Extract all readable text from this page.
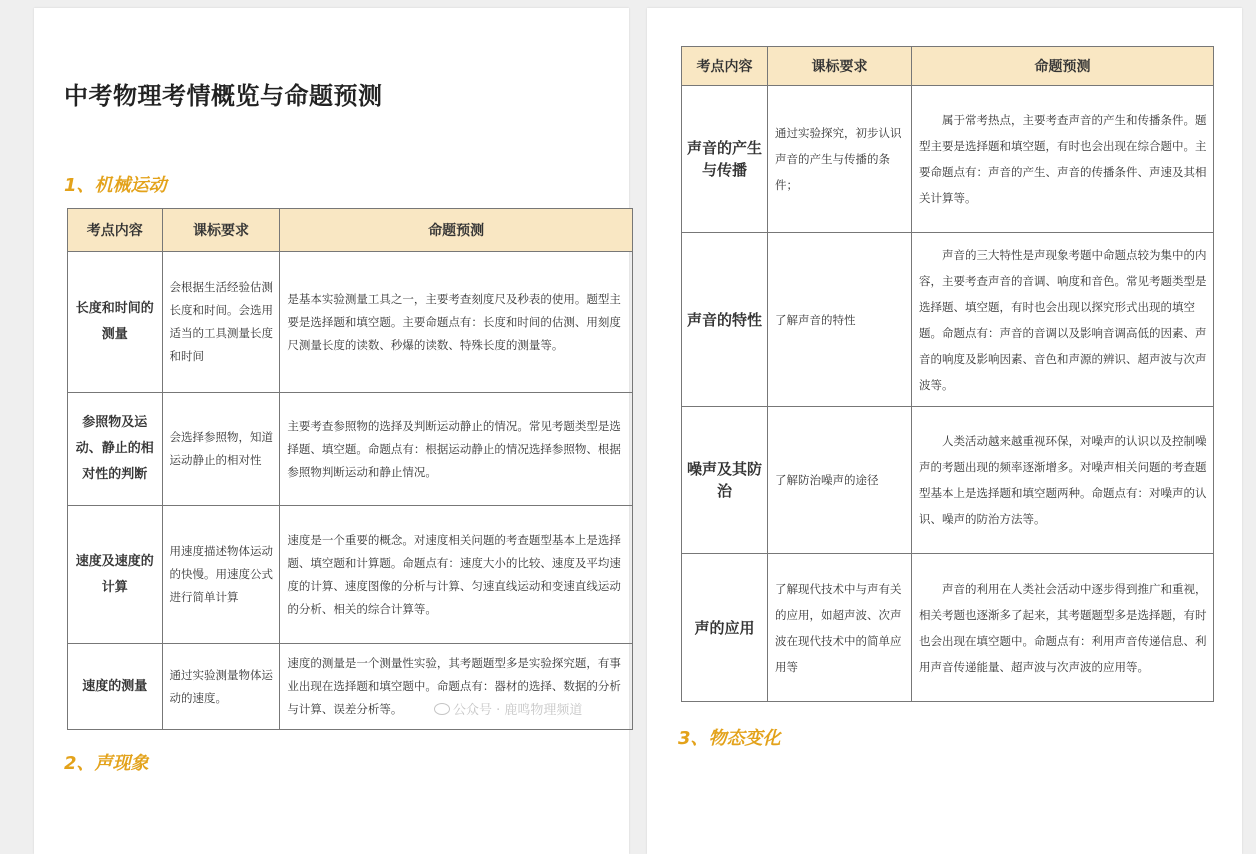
中考物理考情概览与命题预测
1、机械运动
考点内容	课标要求	命题预测
长度和时间的测量	会根据生活经验估测长度和时间。会选用适当的工具测量长度和时间	是基本实验测量工具之一，主要考查刻度尺及秒表的使用。题型主要是选择题和填空题。主要命题点有：长度和时间的估测、用刻度尺测量长度的读数、秒爆的读数、特殊长度的测量等。
参照物及运动、静止的相对性的判断	会选择参照物，知道运动静止的相对性	主要考查参照物的选择及判断运动静止的情况。常见考题类型是选择题、填空题。命题点有：根据运动静止的情况选择参照物、根据参照物判断运动和静止情况。
速度及速度的计算	用速度描述物体运动的快慢。用速度公式进行简单计算	速度是一个重要的概念。对速度相关问题的考查题型基本上是选择题、填空题和计算题。命题点有：速度大小的比较、速度及平均速度的计算、速度图像的分析与计算、匀速直线运动和变速直线运动的分析、相关的综合计算等。
速度的测量	通过实验测量物体运动的速度。	速度的测量是一个测量性实验，其考题题型多是实验探究题，有事业出现在选择题和填空题中。命题点有：器材的选择、数据的分析与计算、误差分析等。	公众号 · 鹿鸣物理频道
2、声现象
考点内容	课标要求	命题预测
声音的产生与传播	通过实验探究，初步认识声音的产生与传播的条件；	属于常考热点，主要考查声音的产生和传播条件。题型主要是选择题和填空题，有时也会出现在综合题中。主要命题点有：声音的产生、声音的传播条件、声速及其相关计算等。
声音的特性	了解声音的特性	声音的三大特性是声现象考题中命题点较为集中的内容，主要考查声音的音调、响度和音色。常见考题类型是选择题、填空题，有时也会出现以探究形式出现的填空题。命题点有：声音的音调以及影响音调高低的因素、声音的响度及影响因素、音色和声源的辨识、超声波与次声波等。
噪声及其防治	了解防治噪声的途径	人类活动越来越重视环保，对噪声的认识以及控制噪声的考题出现的频率逐渐增多。对噪声相关问题的考查题型基本上是选择题和填空题两种。命题点有：对噪声的认识、噪声的防治方法等。
声的应用	了解现代技术中与声有关的应用，如超声波、次声波在现代技术中的简单应用等	声音的利用在人类社会活动中逐步得到推广和重视，相关考题也逐渐多了起来，其考题题型多是选择题，有时也会出现在填空题中。命题点有：利用声音传递信息、利用声音传递能量、超声波与次声波的应用等。
3、物态变化
